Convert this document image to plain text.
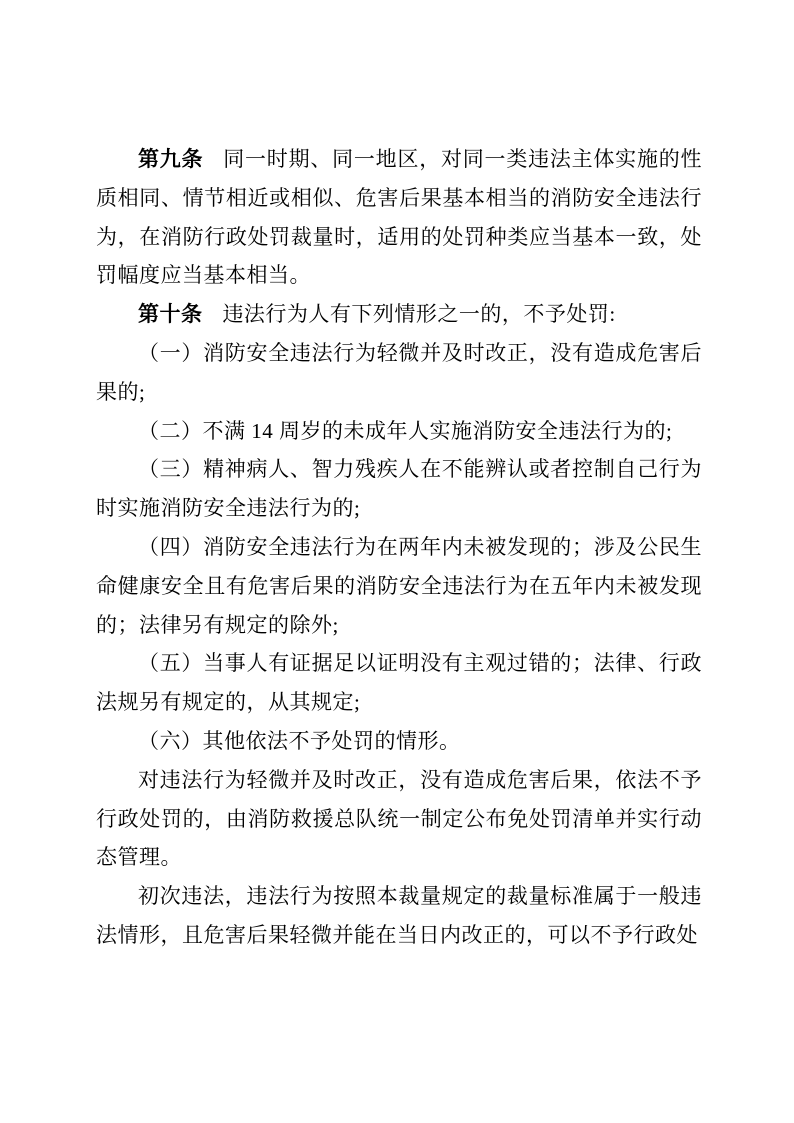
第九条 同一时期、同一地区，对同一类违法主体实施的性质相同、情节相近或相似、危害后果基本相当的消防安全违法行为，在消防行政处罚裁量时，适用的处罚种类应当基本一致，处罚幅度应当基本相当。

第十条 违法行为人有下列情形之一的，不予处罚:

（一）消防安全违法行为轻微并及时改正，没有造成危害后果的;

（二）不满 14 周岁的未成年人实施消防安全违法行为的;

（三）精神病人、智力残疾人在不能辨认或者控制自己行为时实施消防安全违法行为的;

（四）消防安全违法行为在两年内未被发现的；涉及公民生命健康安全且有危害后果的消防安全违法行为在五年内未被发现的；法律另有规定的除外;

（五）当事人有证据足以证明没有主观过错的；法律、行政法规另有规定的，从其规定;

（六）其他依法不予处罚的情形。

对违法行为轻微并及时改正，没有造成危害后果，依法不予行政处罚的，由消防救援总队统一制定公布免处罚清单并实行动态管理。

初次违法，违法行为按照本裁量规定的裁量标准属于一般违法情形，且危害后果轻微并能在当日内改正的，可以不予行政处
